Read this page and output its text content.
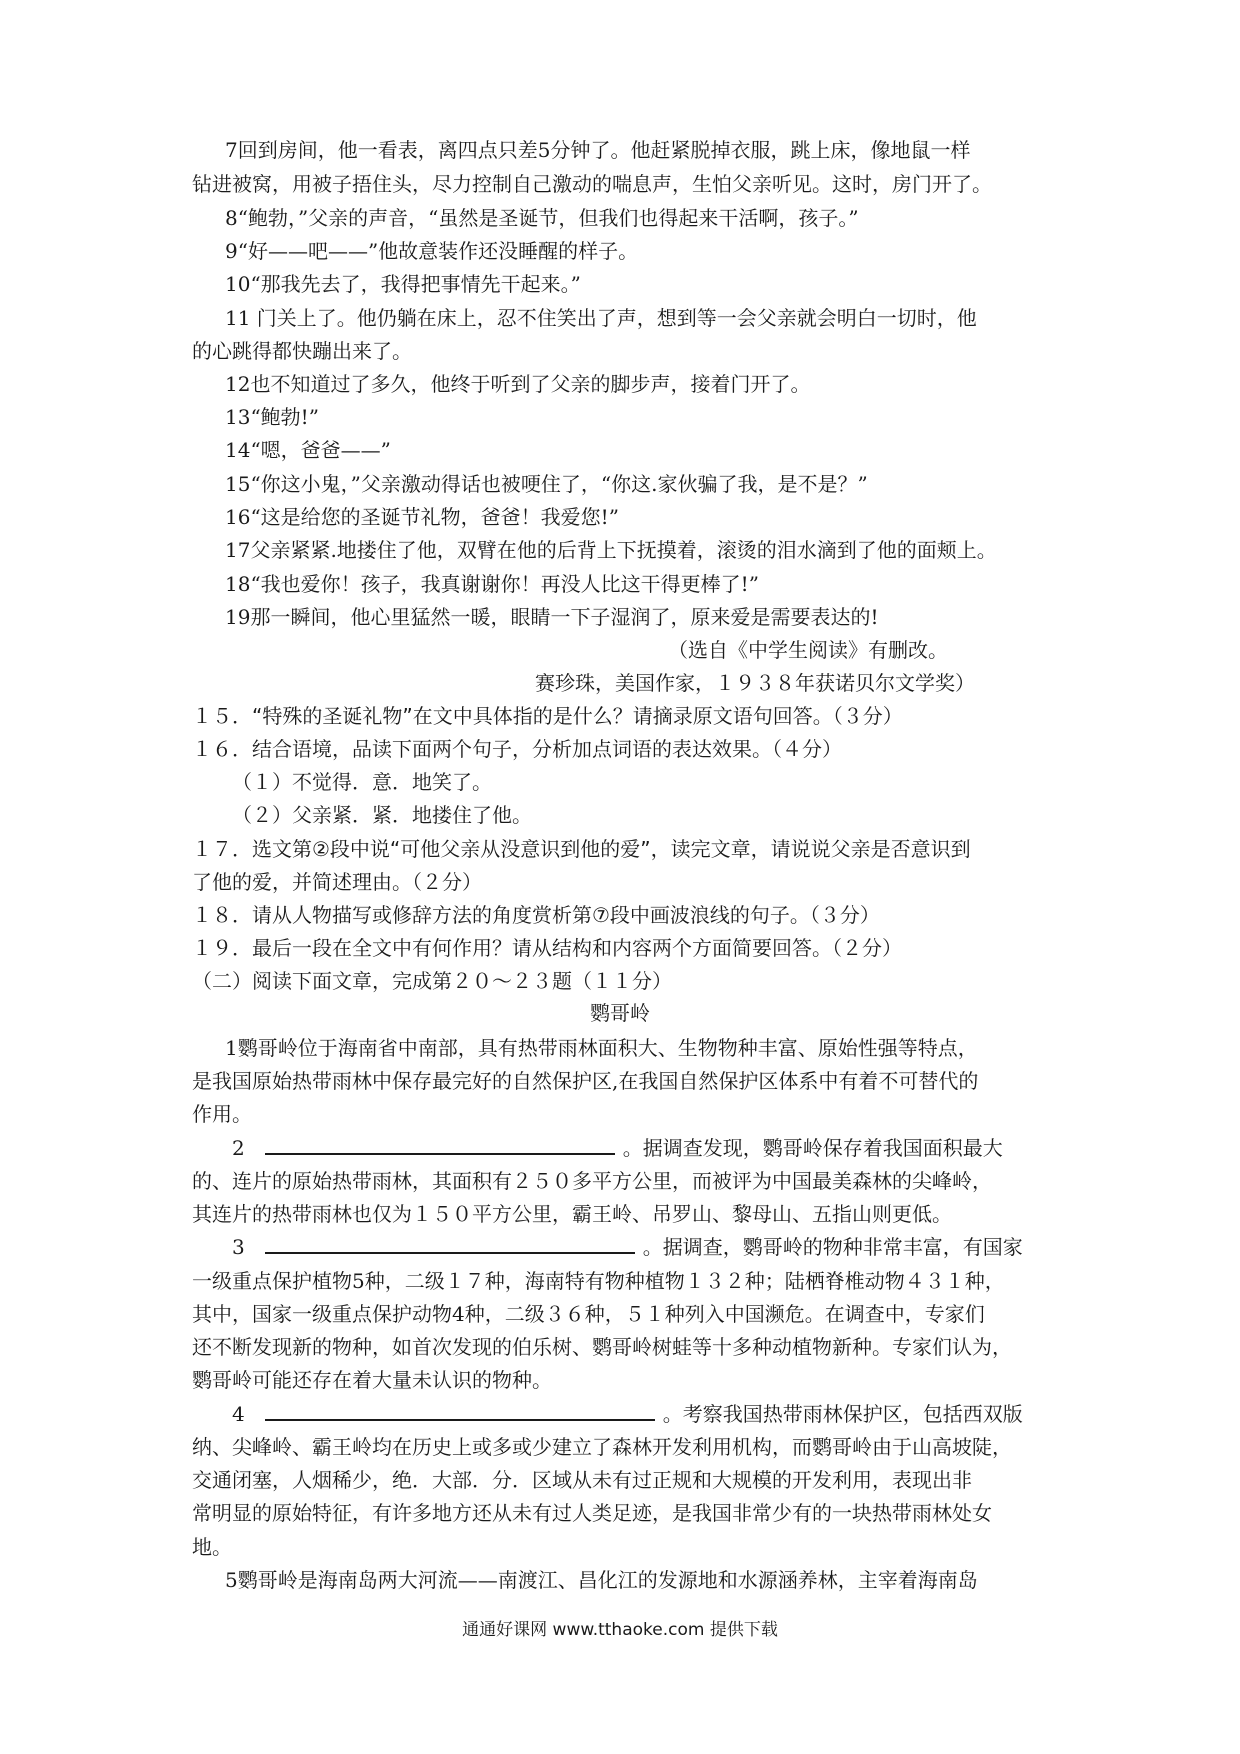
7回到房间，他一看表，离四点只差5分钟了。他赶紧脱掉衣服，跳上床，像地鼠一样
钻进被窝，用被子捂住头，尽力控制自己激动的喘息声，生怕父亲听见。这时，房门开了。
8“鲍勃，”父亲的声音，“虽然是圣诞节，但我们也得起来干活啊，孩子。”
9“好——吧——”他故意装作还没睡醒的样子。
10“那我先去了，我得把事情先干起来。”
11 门关上了。他仍躺在床上，忍不住笑出了声，想到等一会父亲就会明白一切时，他
的心跳得都快蹦出来了。
12也不知道过了多久，他终于听到了父亲的脚步声，接着门开了。
13“鲍勃!”
14“嗯，爸爸——”
15“你这小鬼，”父亲激动得话也被哽住了，“你这.家伙骗了我，是不是？”
16“这是给您的圣诞节礼物，爸爸！我爱您!”
17父亲紧紧.地搂住了他，双臂在他的后背上下抚摸着，滚烫的泪水滴到了他的面颊上。
18“我也爱你！孩子，我真谢谢你！再没人比这干得更棒了!”
19那一瞬间，他心里猛然一暖，眼睛一下子湿润了，原来爱是需要表达的!
（选自《中学生阅读》有删改。
赛珍珠，美国作家，１９３８年获诺贝尔文学奖）
１５．“特殊的圣诞礼物”在文中具体指的是什么？请摘录原文语句回答。（３分）
１６．结合语境，品读下面两个句子，分析加点词语的表达效果。（４分）
（１）不觉得．意．地笑了。
（２）父亲紧．紧．地搂住了他。
１７．选文第②段中说“可他父亲从没意识到他的爱”，读完文章，请说说父亲是否意识到
了他的爱，并简述理由。（２分）
１８．请从人物描写或修辞方法的角度赏析第⑦段中画波浪线的句子。（３分）
１９．最后一段在全文中有何作用？请从结构和内容两个方面简要回答。（２分）
（二）阅读下面文章，完成第２０～２３题（１１分）
鹦哥岭
1鹦哥岭位于海南省中南部，具有热带雨林面积大、生物物种丰富、原始性强等特点，
是我国原始热带雨林中保存最完好的自然保护区,在我国自然保护区体系中有着不可替代的
作用。
2	。据调查发现，鹦哥岭保存着我国面积最大
的、连片的原始热带雨林，其面积有２５０多平方公里，而被评为中国最美森林的尖峰岭，
其连片的热带雨林也仅为１５０平方公里，霸王岭、吊罗山、黎母山、五指山则更低。
3	。据调查，鹦哥岭的物种非常丰富，有国家
一级重点保护植物5种，二级１７种，海南特有物种植物１３２种；陆栖脊椎动物４３１种，
其中，国家一级重点保护动物4种，二级３６种，５１种列入中国濒危。在调查中，专家们
还不断发现新的物种，如首次发现的伯乐树、鹦哥岭树蛙等十多种动植物新种。专家们认为，
鹦哥岭可能还存在着大量未认识的物种。
4	。考察我国热带雨林保护区，包括西双版
纳、尖峰岭、霸王岭均在历史上或多或少建立了森林开发利用机构，而鹦哥岭由于山高坡陡，
交通闭塞，人烟稀少，绝．大部．分．区域从未有过正规和大规模的开发利用，表现出非
常明显的原始特征，有许多地方还从未有过人类足迹，是我国非常少有的一块热带雨林处女
地。
5鹦哥岭是海南岛两大河流——南渡江、昌化江的发源地和水源涵养林，主宰着海南岛
通通好课网 www.tthaoke.com 提供下载
